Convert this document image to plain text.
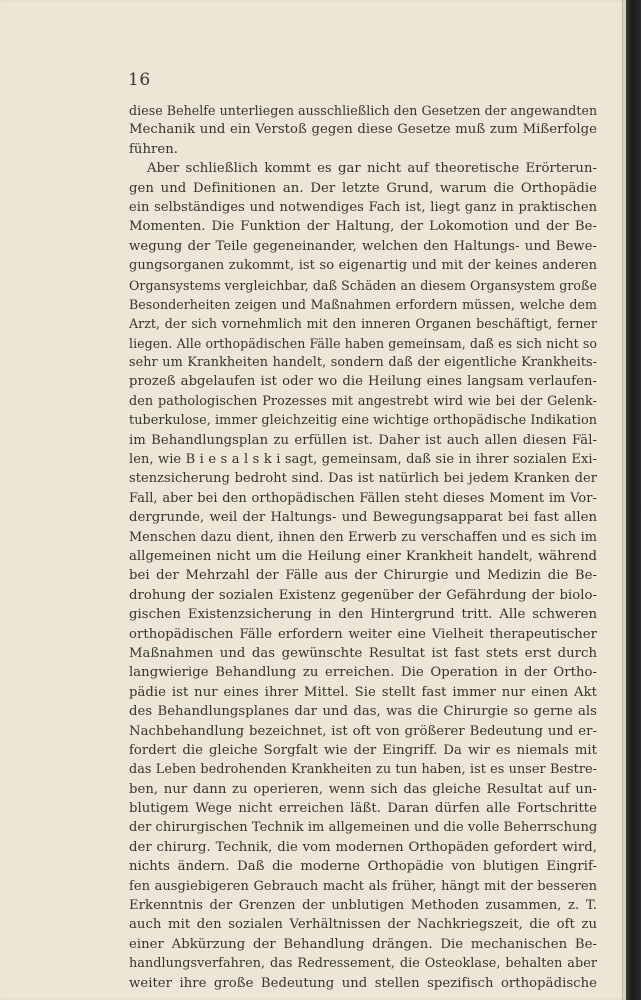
16
diese Behelfe unterliegen ausschließlich den Gesetzen der angewandten
Mechanik und ein Verstoß gegen diese Gesetze muß zum Mißerfolge
führen.
Aber schließlich kommt es gar nicht auf theoretische Erörterun-
gen und Definitionen an. Der letzte Grund, warum die Orthopädie
ein selbständiges und notwendiges Fach ist, liegt ganz in praktischen
Momenten. Die Funktion der Haltung, der Lokomotion und der Be-
wegung der Teile gegeneinander, welchen den Haltungs- und Bewe-
gungsorganen zukommt, ist so eigenartig und mit der keines anderen
Organsystems vergleichbar, daß Schäden an diesem Organsystem große
Besonderheiten zeigen und Maßnahmen erfordern müssen, welche dem
Arzt, der sich vornehmlich mit den inneren Organen beschäftigt, ferner
liegen. Alle orthopädischen Fälle haben gemeinsam, daß es sich nicht so
sehr um Krankheiten handelt, sondern daß der eigentliche Krankheits-
prozeß abgelaufen ist oder wo die Heilung eines langsam verlaufen-
den pathologischen Prozesses mit angestrebt wird wie bei der Gelenk-
tuberkulose, immer gleichzeitig eine wichtige orthopädische Indikation
im Behandlungsplan zu erfüllen ist. Daher ist auch allen diesen Fäl-
len, wie B i e s a l s k i sagt, gemeinsam, daß sie in ihrer sozialen Exi-
stenzsicherung bedroht sind. Das ist natürlich bei jedem Kranken der
Fall, aber bei den orthopädischen Fällen steht dieses Moment im Vor-
dergrunde, weil der Haltungs- und Bewegungsapparat bei fast allen
Menschen dazu dient, ihnen den Erwerb zu verschaffen und es sich im
allgemeinen nicht um die Heilung einer Krankheit handelt, während
bei der Mehrzahl der Fälle aus der Chirurgie und Medizin die Be-
drohung der sozialen Existenz gegenüber der Gefährdung der biolo-
gischen Existenzsicherung in den Hintergrund tritt. Alle schweren
orthopädischen Fälle erfordern weiter eine Vielheit therapeutischer
Maßnahmen und das gewünschte Resultat ist fast stets erst durch
langwierige Behandlung zu erreichen. Die Operation in der Ortho-
pädie ist nur eines ihrer Mittel. Sie stellt fast immer nur einen Akt
des Behandlungsplanes dar und das, was die Chirurgie so gerne als
Nachbehandlung bezeichnet, ist oft von größerer Bedeutung und er-
fordert die gleiche Sorgfalt wie der Eingriff. Da wir es niemals mit
das Leben bedrohenden Krankheiten zu tun haben, ist es unser Bestre-
ben, nur dann zu operieren, wenn sich das gleiche Resultat auf un-
blutigem Wege nicht erreichen läßt. Daran dürfen alle Fortschritte
der chirurgischen Technik im allgemeinen und die volle Beherrschung
der chirurg. Technik, die vom modernen Orthopäden gefordert wird,
nichts ändern. Daß die moderne Orthopädie von blutigen Eingrif-
fen ausgiebigeren Gebrauch macht als früher, hängt mit der besseren
Erkenntnis der Grenzen der unblutigen Methoden zusammen, z. T.
auch mit den sozialen Verhältnissen der Nachkriegszeit, die oft zu
einer Abkürzung der Behandlung drängen. Die mechanischen Be-
handlungsverfahren, das Redressement, die Osteoklase, behalten aber
weiter ihre große Bedeutung und stellen spezifisch orthopädische
